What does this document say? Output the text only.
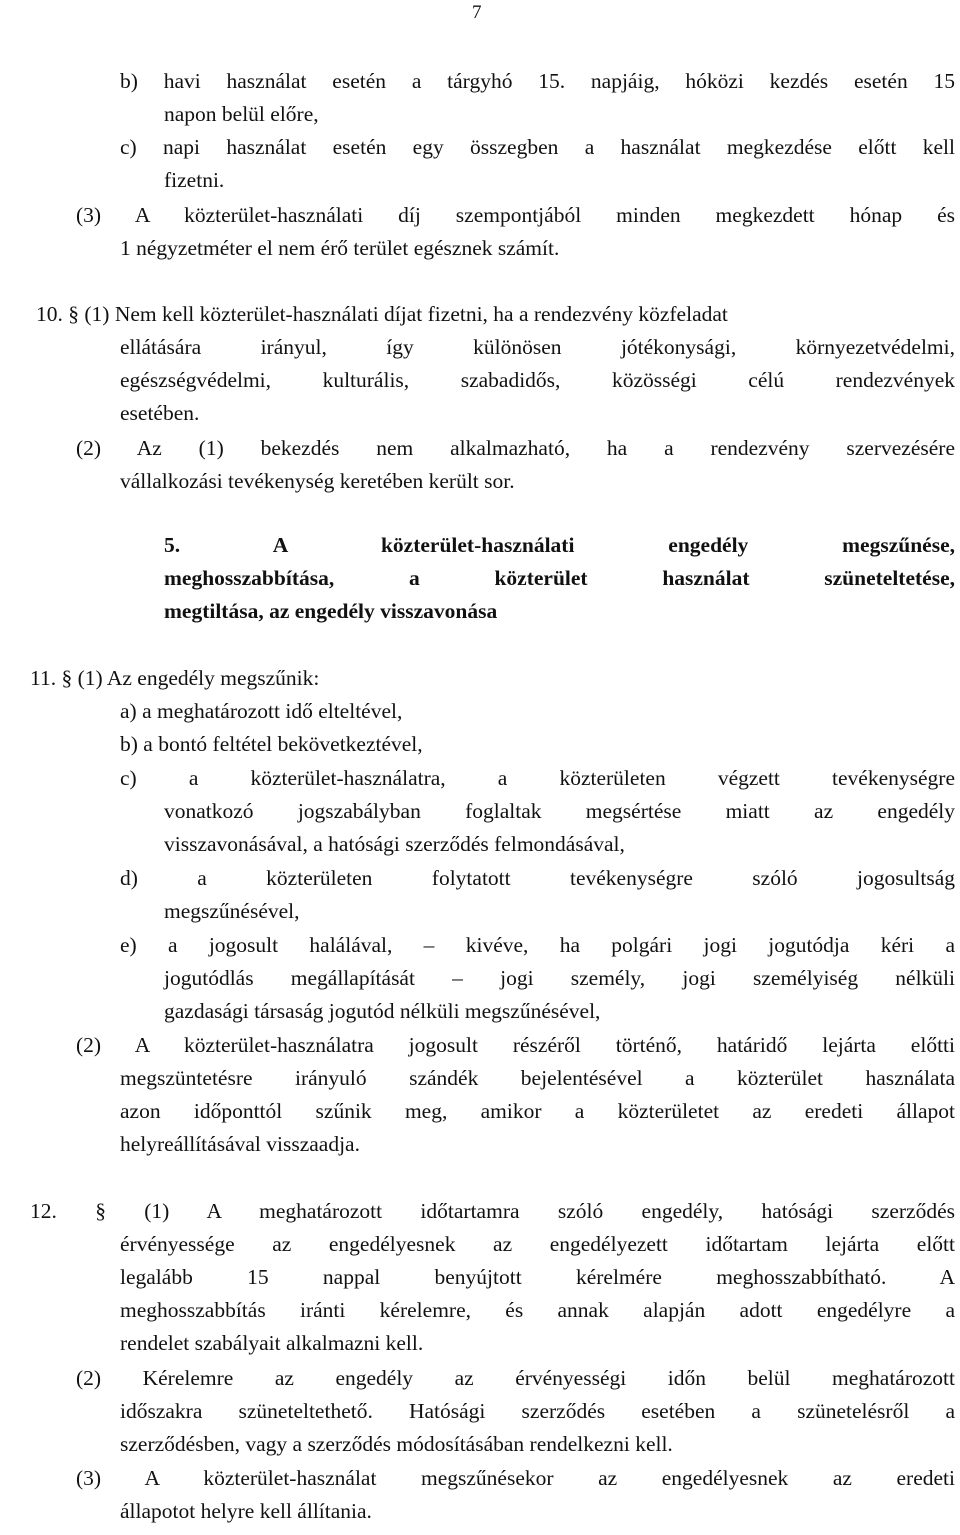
7
b) havi használat esetén a tárgyhó 15. napjáig, hóközi kezdés esetén 15
napon belül előre,
c) napi használat esetén egy összegben a használat megkezdése előtt kell
fizetni.
(3) A közterület-használati díj szempontjából minden megkezdett hónap és
1 négyzetméter el nem érő terület egésznek számít.
10. § (1) Nem kell közterület-használati díjat fizetni, ha a rendezvény közfeladat
ellátására irányul, így különösen jótékonysági, környezetvédelmi,
egészségvédelmi, kulturális, szabadidős, közösségi célú rendezvények
esetében.
(2) Az (1) bekezdés nem alkalmazható, ha a rendezvény szervezésére
vállalkozási tevékenység keretében került sor.
5. A közterület-használati engedély megszűnése,
meghosszabbítása, a közterület használat szüneteltetése,
megtiltása, az engedély visszavonása
11. § (1) Az engedély megszűnik:
a) a meghatározott idő elteltével,
b) a bontó feltétel bekövetkeztével,
c) a közterület-használatra, a közterületen végzett tevékenységre
vonatkozó jogszabályban foglaltak megsértése miatt az engedély
visszavonásával, a hatósági szerződés felmondásával,
d) a közterületen folytatott tevékenységre szóló jogosultság
megszűnésével,
e) a jogosult halálával, – kivéve, ha polgári jogi jogutódja kéri a
jogutódlás megállapítását – jogi személy, jogi személyiség nélküli
gazdasági társaság jogutód nélküli megszűnésével,
(2) A közterület-használatra jogosult részéről történő, határidő lejárta előtti
megszüntetésre irányuló szándék bejelentésével a közterület használata
azon időponttól szűnik meg, amikor a közterületet az eredeti állapot
helyreállításával visszaadja.
12. § (1) A meghatározott időtartamra szóló engedély, hatósági szerződés
érvényessége az engedélyesnek az engedélyezett időtartam lejárta előtt
legalább 15 nappal benyújtott kérelmére meghosszabbítható. A
meghosszabbítás iránti kérelemre, és annak alapján adott engedélyre a
rendelet szabályait alkalmazni kell.
(2) Kérelemre az engedély az érvényességi időn belül meghatározott
időszakra szüneteltethető. Hatósági szerződés esetében a szünetelésről a
szerződésben, vagy a szerződés módosításában rendelkezni kell.
(3) A közterület-használat megszűnésekor az engedélyesnek az eredeti
állapotot helyre kell állítania.
